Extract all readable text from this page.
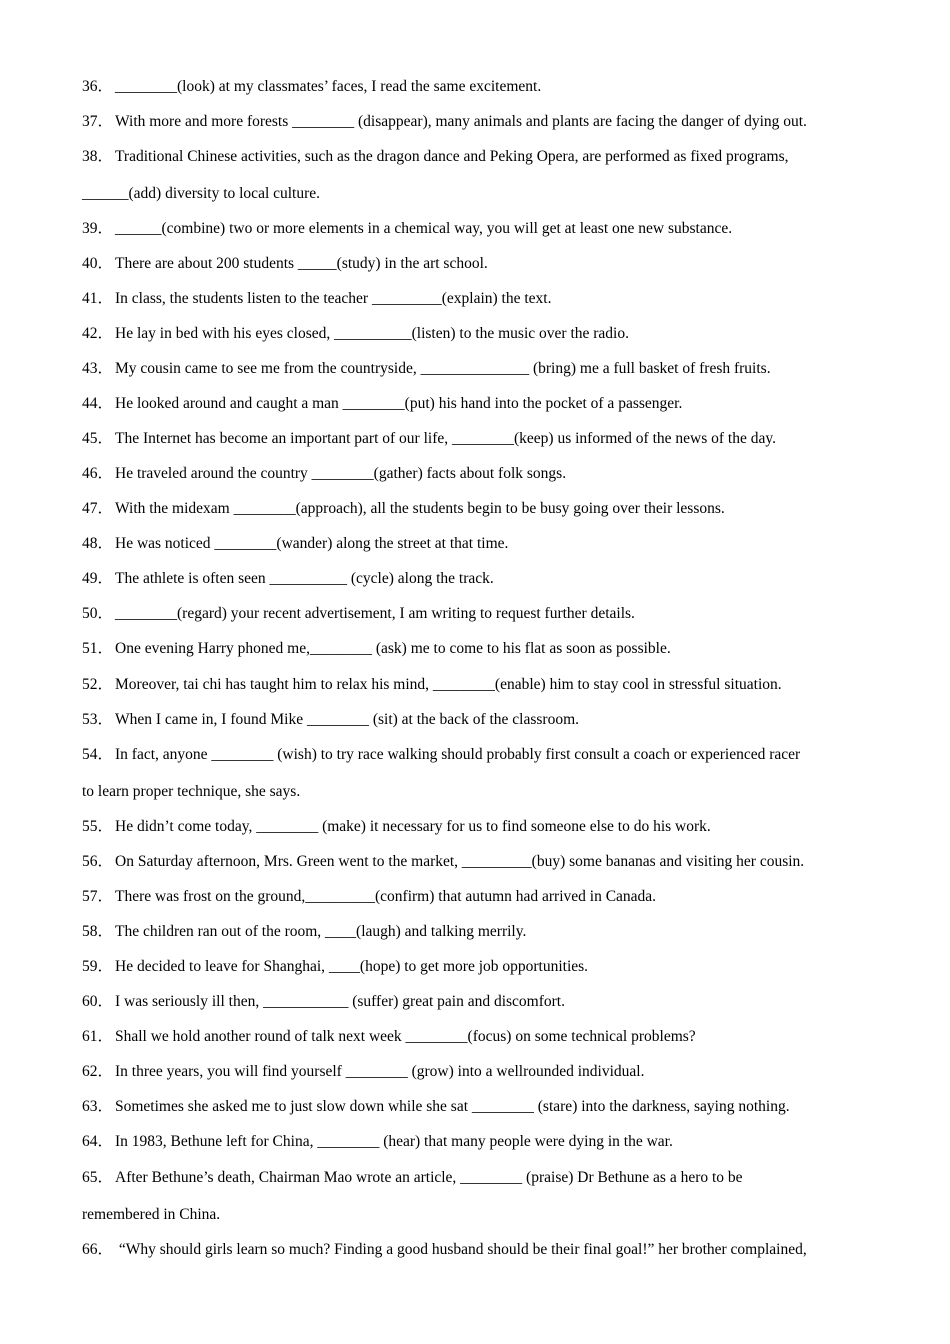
36． ________(look) at my classmates’ faces, I read the same excitement.
37． With more and more forests ________ (disappear), many animals and plants are facing the danger of dying out.
38． Traditional Chinese activities, such as the dragon dance and Peking Opera, are performed as fixed programs,
______(add) diversity to local culture.
39． ______(combine) two or more elements in a chemical way, you will get at least one new substance.
40． There are about 200 students _____(study) in the art school.
41． In class, the students listen to the teacher _________(explain) the text.
42． He lay in bed with his eyes closed, __________(listen) to the music over the radio.
43． My cousin came to see me from the countryside, ______________ (bring) me a full basket of fresh fruits.
44． He looked around and caught a man ________(put) his hand into the pocket of a passenger.
45． The Internet has become an important part of our life, ________(keep) us informed of the news of the day.
46． He traveled around the country ________(gather) facts about folk songs.
47． With the midexam ________(approach), all the students begin to be busy going over their lessons.
48． He was noticed ________(wander) along the street at that time.
49． The athlete is often seen __________ (cycle) along the track.
50． ________(regard) your recent advertisement, I am writing to request further details.
51． One evening Harry phoned me,________ (ask) me to come to his flat as soon as possible.
52． Moreover, tai chi has taught him to relax his mind, ________(enable) him to stay cool in stressful situation.
53． When I came in, I found Mike ________ (sit) at the back of the classroom.
54． In fact, anyone ________ (wish) to try race walking should probably first consult a coach or experienced racer
to learn proper technique, she says.
55． He didn’t come today, ________ (make) it necessary for us to find someone else to do his work.
56． On Saturday afternoon, Mrs. Green went to the market, _________(buy) some bananas and visiting her cousin.
57． There was frost on the ground,_________(confirm) that autumn had arrived in Canada.
58． The children ran out of the room, ____(laugh) and talking merrily.
59． He decided to leave for Shanghai, ____(hope) to get more job opportunities.
60． I was seriously ill then, ___________ (suffer) great pain and discomfort.
61． Shall we hold another round of talk next week ________(focus) on some technical problems?
62． In three years, you will find yourself ________ (grow) into a wellrounded individual.
63． Sometimes she asked me to just slow down while she sat ________ (stare) into the darkness, saying nothing.
64． In 1983, Bethune left for China, ________ (hear) that many people were dying in the war.
65． After Bethune’s death, Chairman Mao wrote an article, ________ (praise) Dr Bethune as a hero to be
remembered in China.
66． “Why should girls learn so much? Finding a good husband should be their final goal!” her brother complained,
